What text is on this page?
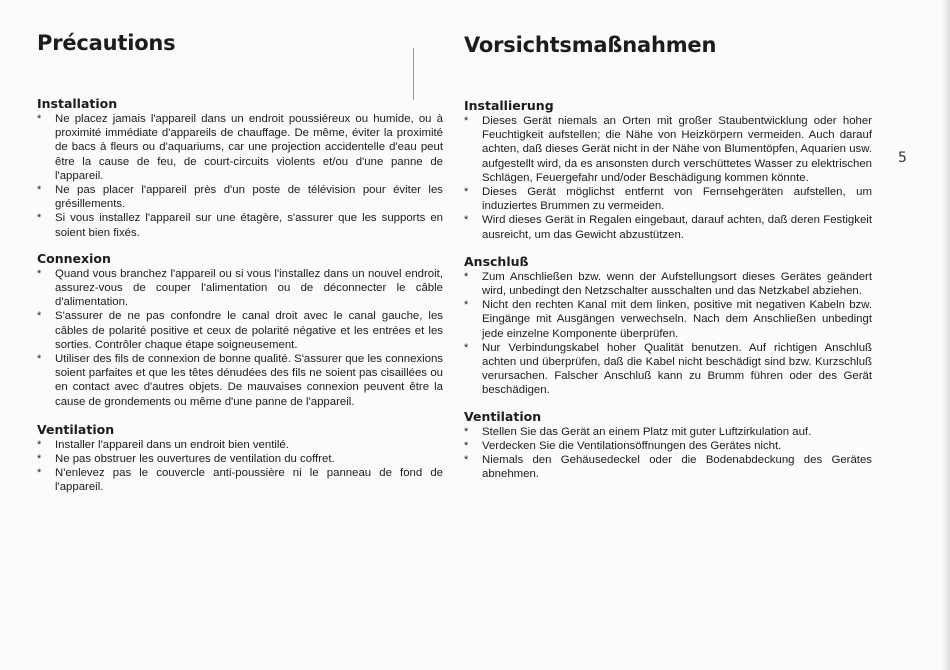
Précautions
Installation
* Ne placez jamais l'appareil dans un endroit poussiéreux ou humide, ou à proximité immédiate d'appareils de chauffage. De même, éviter la proximité de bacs à fleurs ou d'aquariums, car une projection accidentelle d'eau peut être la cause de feu, de court-circuits violents et/ou d'une panne de l'appareil.
* Ne pas placer l'appareil près d'un poste de télévision pour éviter les grésillements.
* Si vous installez l'appareil sur une étagère, s'assurer que les supports en soient bien fixés.
Connexion
* Quand vous branchez l'appareil ou si vous l'installez dans un nouvel endroit, assurez-vous de couper l'alimentation ou de déconnecter le câble d'alimentation.
* S'assurer de ne pas confondre le canal droit avec le canal gauche, les câbles de polarité positive et ceux de polarité négative et les entrées et les sorties. Contrôler chaque étape soigneusement.
* Utiliser des fils de connexion de bonne qualité. S'assurer que les connexions soient parfaites et que les têtes dénudées des fils ne soient pas cisaillées ou en contact avec d'autres objets. De mauvaises connexion peuvent être la cause de grondements ou même d'une panne de l'appareil.
Ventilation
* Installer l'appareil dans un endroit bien ventilé.
* Ne pas obstruer les ouvertures de ventilation du coffret.
* N'enlevez pas le couvercle anti-poussière ni le panneau de fond de l'appareil.
Vorsichtsmaßnahmen
Installierung
* Dieses Gerät niemals an Orten mit großer Staubentwicklung oder hoher Feuchtigkeit aufstellen; die Nähe von Heizkörpern vermeiden. Auch darauf achten, daß dieses Gerät nicht in der Nähe von Blumentöpfen, Aquarien usw. aufgestellt wird, da es ansonsten durch verschüttetes Wasser zu elektrischen Schlägen, Feuergefahr und/oder Beschädigung kommen könnte.
* Dieses Gerät möglichst entfernt von Fernsehgeräten aufstellen, um induziertes Brummen zu vermeiden.
* Wird dieses Gerät in Regalen eingebaut, darauf achten, daß deren Festigkeit ausreicht, um das Gewicht abzustützen.
Anschluß
* Zum Anschließen bzw. wenn der Aufstellungsort dieses Gerätes geändert wird, unbedingt den Netzschalter ausschalten und das Netzkabel abziehen.
* Nicht den rechten Kanal mit dem linken, positive mit negativen Kabeln bzw. Eingänge mit Ausgängen verwechseln. Nach dem Anschließen unbedingt jede einzelne Komponente überprüfen.
* Nur Verbindungskabel hoher Qualität benutzen. Auf richtigen Anschluß achten und überprüfen, daß die Kabel nicht beschädigt sind bzw. Kurzschluß verursachen. Falscher Anschluß kann zu Brumm führen oder des Gerät beschädigen.
Ventilation
* Stellen Sie das Gerät an einem Platz mit guter Luftzirkulation auf.
* Verdecken Sie die Ventilationsöffnungen des Gerätes nicht.
* Niemals den Gehäusedeckel oder die Bodenabdeckung des Gerätes abnehmen.
5
